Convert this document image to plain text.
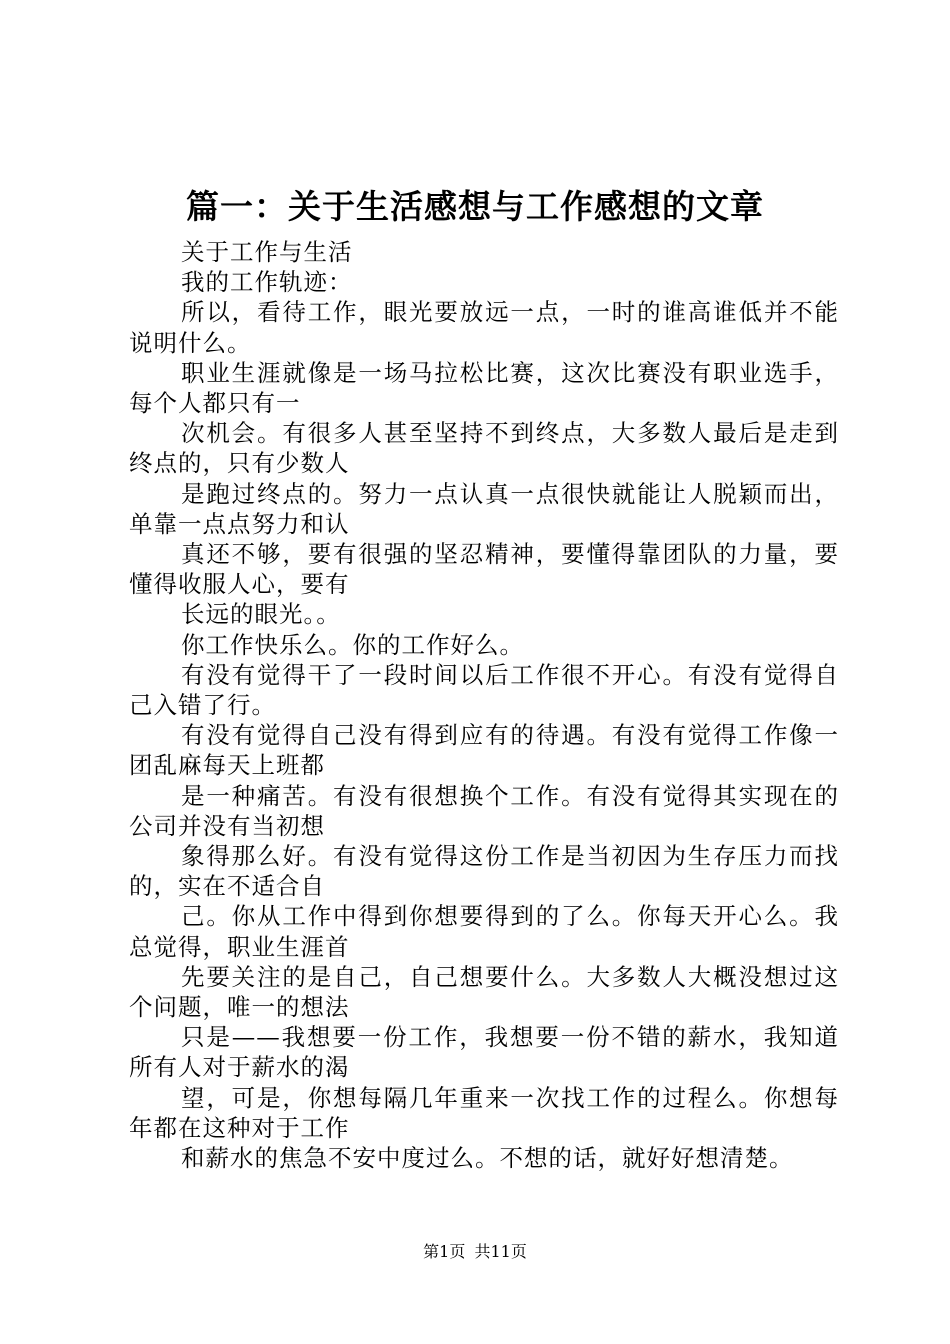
篇一：关于生活感想与工作感想的文章

关于工作与生活

我的工作轨迹：

所以，看待工作，眼光要放远一点，一时的谁高谁低并不能说明什么。

职业生涯就像是一场马拉松比赛，这次比赛没有职业选手，每个人都只有一

次机会。有很多人甚至坚持不到终点，大多数人最后是走到终点的，只有少数人

是跑过终点的。努力一点认真一点很快就能让人脱颖而出，单靠一点点努力和认

真还不够，要有很强的坚忍精神，要懂得靠团队的力量，要懂得收服人心，要有

长远的眼光。。

你工作快乐么。你的工作好么。

有没有觉得干了一段时间以后工作很不开心。有没有觉得自己入错了行。

有没有觉得自己没有得到应有的待遇。有没有觉得工作像一团乱麻每天上班都

是一种痛苦。有没有很想换个工作。有没有觉得其实现在的公司并没有当初想

象得那么好。有没有觉得这份工作是当初因为生存压力而找的，实在不适合自

己。你从工作中得到你想要得到的了么。你每天开心么。我总觉得，职业生涯首

先要关注的是自己，自己想要什么。大多数人大概没想过这个问题，唯一的想法

只是——我想要一份工作，我想要一份不错的薪水，我知道所有人对于薪水的渴

望，可是，你想每隔几年重来一次找工作的过程么。你想每年都在这种对于工作

和薪水的焦急不安中度过么。不想的话，就好好想清楚。

第1页 共11页
